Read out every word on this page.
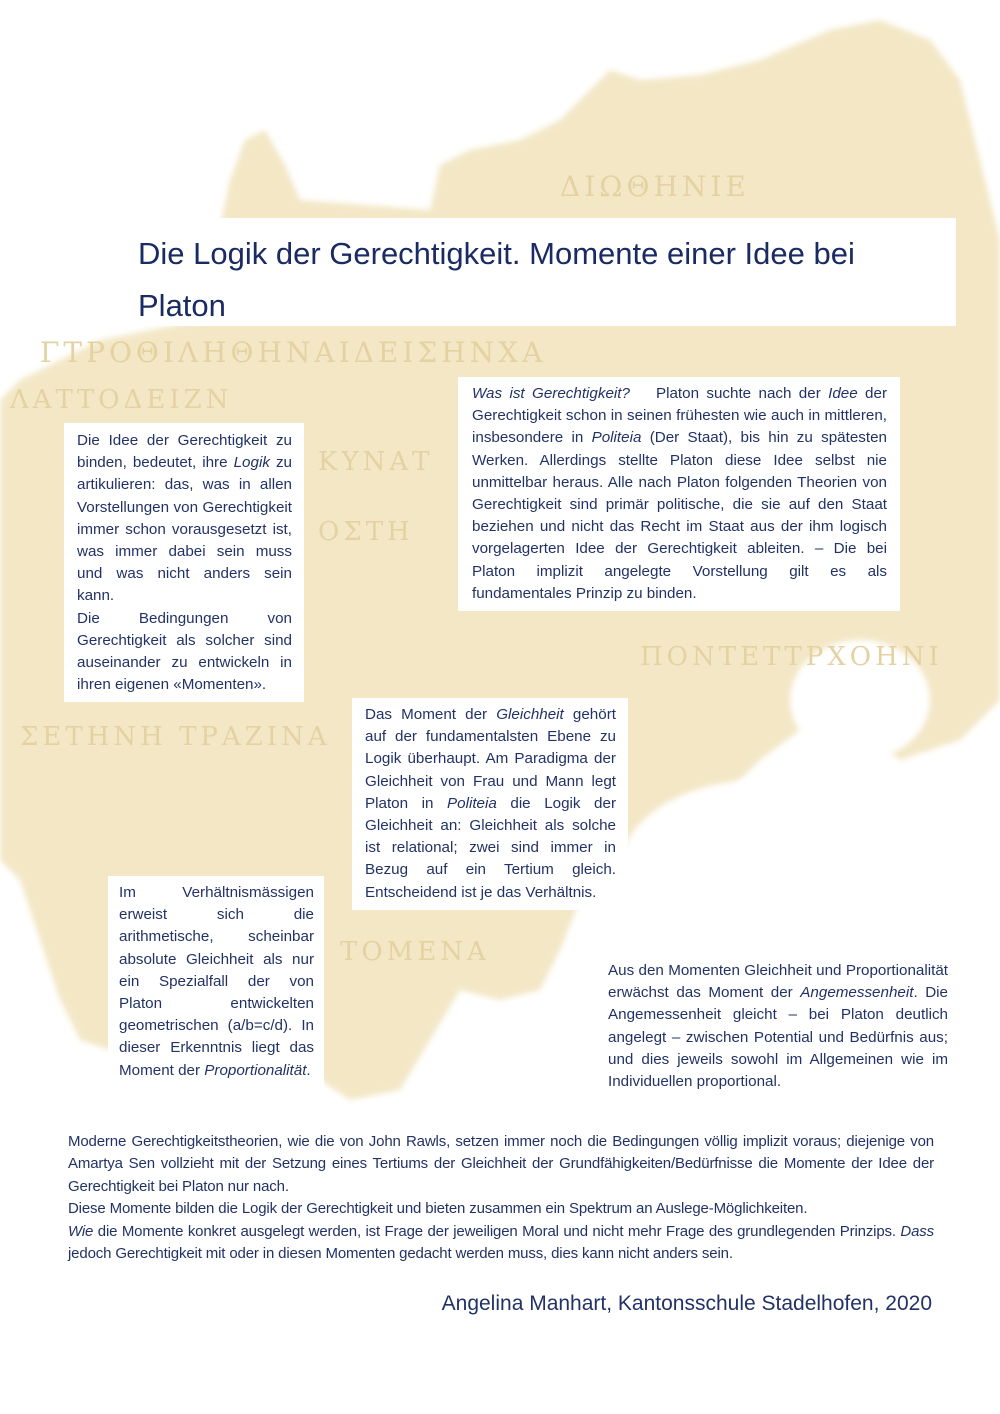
ΔΙΩΘΗΝΙΕ
ΓΤΡΟΘΙΛΗΘΗΝΑΙΔΕΙΣΗΝΧΑ
ΛΑΤΤΟΔΕΙΖΝ
ΚΥΝΑΤ
ΟΣΤΗ
ΠΟΝΤΕΤΤΡΧΟΗΝΙ
ΣΕΤΗΝΗ ΤΡΑΖΙΝΑ
ΤΟΜΕΝΑ
Die Logik der Gerechtigkeit. Momente einer Idee bei Platon

Die Idee der Gerechtigkeit zu binden, bedeutet, ihre Logik zu artikulieren: das, was in allen Vorstellungen von Gerechtigkeit immer schon vorausgesetzt ist, was immer dabei sein muss und was nicht anders sein kann.

Die Bedingungen von Gerechtigkeit als solcher sind auseinander zu entwickeln in ihren eigenen «Momenten».

Was ist Gerechtigkeit? Platon suchte nach der Idee der Gerechtigkeit schon in seinen frühesten wie auch in mittleren, insbesondere in Politeia (Der Staat), bis hin zu spätesten Werken. Allerdings stellte Platon diese Idee selbst nie unmittelbar heraus. Alle nach Platon folgenden Theorien von Gerechtigkeit sind primär politische, die sie auf den Staat beziehen und nicht das Recht im Staat aus der ihm logisch vorgelagerten Idee der Gerechtigkeit ableiten. – Die bei Platon implizit angelegte Vorstellung gilt es als fundamentales Prinzip zu binden.

Das Moment der Gleichheit gehört auf der fundamentalsten Ebene zu Logik überhaupt. Am Paradigma der Gleichheit von Frau und Mann legt Platon in Politeia die Logik der Gleichheit an: Gleichheit als solche ist relational; zwei sind immer in Bezug auf ein Tertium gleich. Entscheidend ist je das Verhältnis.

Im Verhältnismässigen erweist sich die arithmetische, scheinbar absolute Gleichheit als nur ein Spezialfall der von Platon entwickelten geometrischen (a/b=c/d). In dieser Erkenntnis liegt das Moment der Proportionalität.

Aus den Momenten Gleichheit und Proportionalität erwächst das Moment der Angemessenheit. Die Angemessenheit gleicht – bei Platon deutlich angelegt – zwischen Potential und Bedürfnis aus; und dies jeweils sowohl im Allgemeinen wie im Individuellen proportional.

Moderne Gerechtigkeitstheorien, wie die von John Rawls, setzen immer noch die Bedingungen völlig implizit voraus; diejenige von Amartya Sen vollzieht mit der Setzung eines Tertiums der Gleichheit der Grundfähigkeiten/Bedürfnisse die Momente der Idee der Gerechtigkeit bei Platon nur nach.

Diese Momente bilden die Logik der Gerechtigkeit und bieten zusammen ein Spektrum an Auslege-Möglichkeiten.

Wie die Momente konkret ausgelegt werden, ist Frage der jeweiligen Moral und nicht mehr Frage des grundlegenden Prinzips. Dass jedoch Gerechtigkeit mit oder in diesen Momenten gedacht werden muss, dies kann nicht anders sein.

Angelina Manhart, Kantonsschule Stadelhofen, 2020
